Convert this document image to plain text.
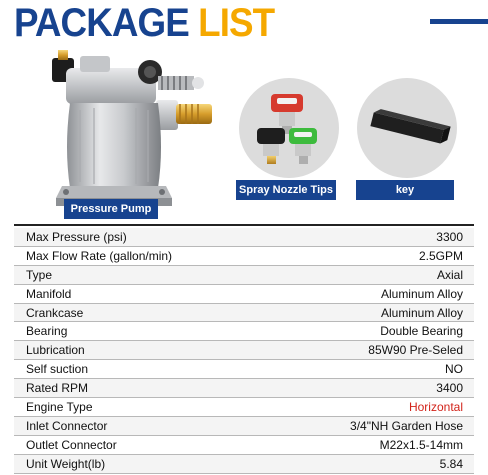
PACKAGE LIST
Pressure Pump
Spray Nozzle Tips	key
Max Pressure (psi)	3300
Max Flow Rate (gallon/min)	2.5GPM
Type	Axial
Manifold	Aluminum Alloy
Crankcase	Aluminum Alloy
Bearing	Double Bearing
Lubrication	85W90 Pre-Seled
Self suction	NO
Rated RPM	3400
Engine Type	Horizontal
Inlet Connector	3/4"NH Garden Hose
Outlet Connector	M22x1.5-14mm
Unit Weight(lb)	5.84
